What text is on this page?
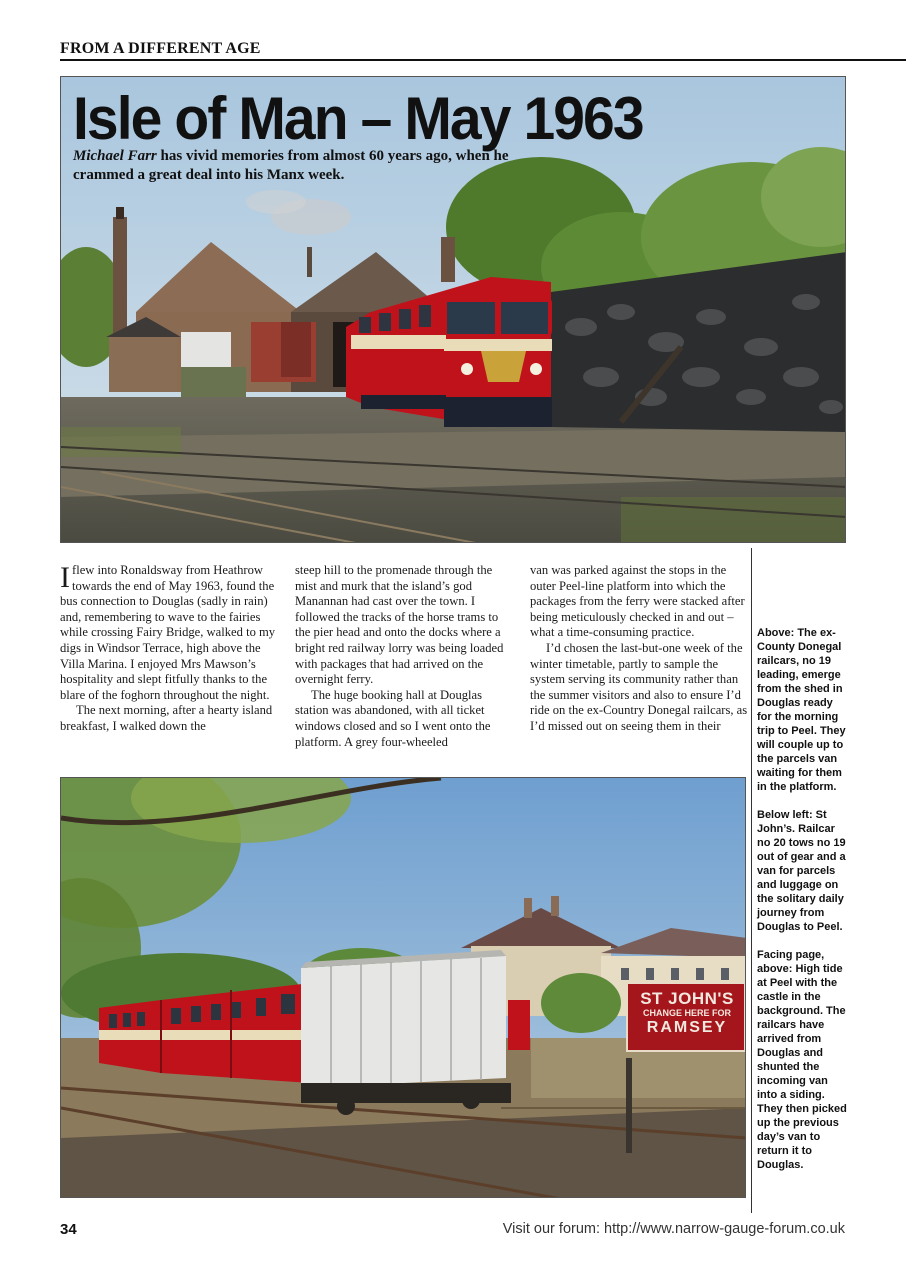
FROM A DIFFERENT AGE
Isle of Man – May 1963
Michael Farr has vivid memories from almost 60 years ago, when he crammed a great deal into his Manx week.

Iflew into Ronaldsway from Heathrow towards the end of May 1963, found the bus connection to Douglas (sadly in rain) and, remembering to wave to the fairies while crossing Fairy Bridge, walked to my digs in Windsor Terrace, high above the Villa Marina. I enjoyed Mrs Mawson’s hospitality and slept fitfully thanks to the blare of the foghorn throughout the night.

The next morning, after a hearty island breakfast, I walked down the

steep hill to the promenade through the mist and murk that the island’s god Manannan had cast over the town. I followed the tracks of the horse trams to the pier head and onto the docks where a bright red railway lorry was being loaded with packages that had arrived on the overnight ferry.

The huge booking hall at Douglas station was abandoned, with all ticket windows closed and so I went onto the platform. A grey four-wheeled

van was parked against the stops in the outer Peel-line platform into which the packages from the ferry were stacked after being meticulously checked in and out – what a time-consuming practice.

I’d chosen the last-but-one week of the winter timetable, partly to sample the system serving its community rather than the summer visitors and also to ensure I’d ride on the ex-Country Donegal railcars, as I’d missed out on seeing them in their

Above: The ex-County Donegal railcars, no 19 leading, emerge from the shed in Douglas ready for the morning trip to Peel. They will couple up to the parcels van waiting for them in the platform.

Below left: St John’s. Railcar no 20 tows no 19 out of gear and a van for parcels and luggage on the solitary daily journey from Douglas to Peel.

Facing page, above: High tide at Peel with the castle in the background. The railcars have arrived from Douglas and shunted the incoming van into a siding. They then picked up the previous day’s van to return it to Douglas.

ST JOHN'S
CHANGE HERE FOR
RAMSEY
34	Visit our forum: http://www.narrow-gauge-forum.co.uk
